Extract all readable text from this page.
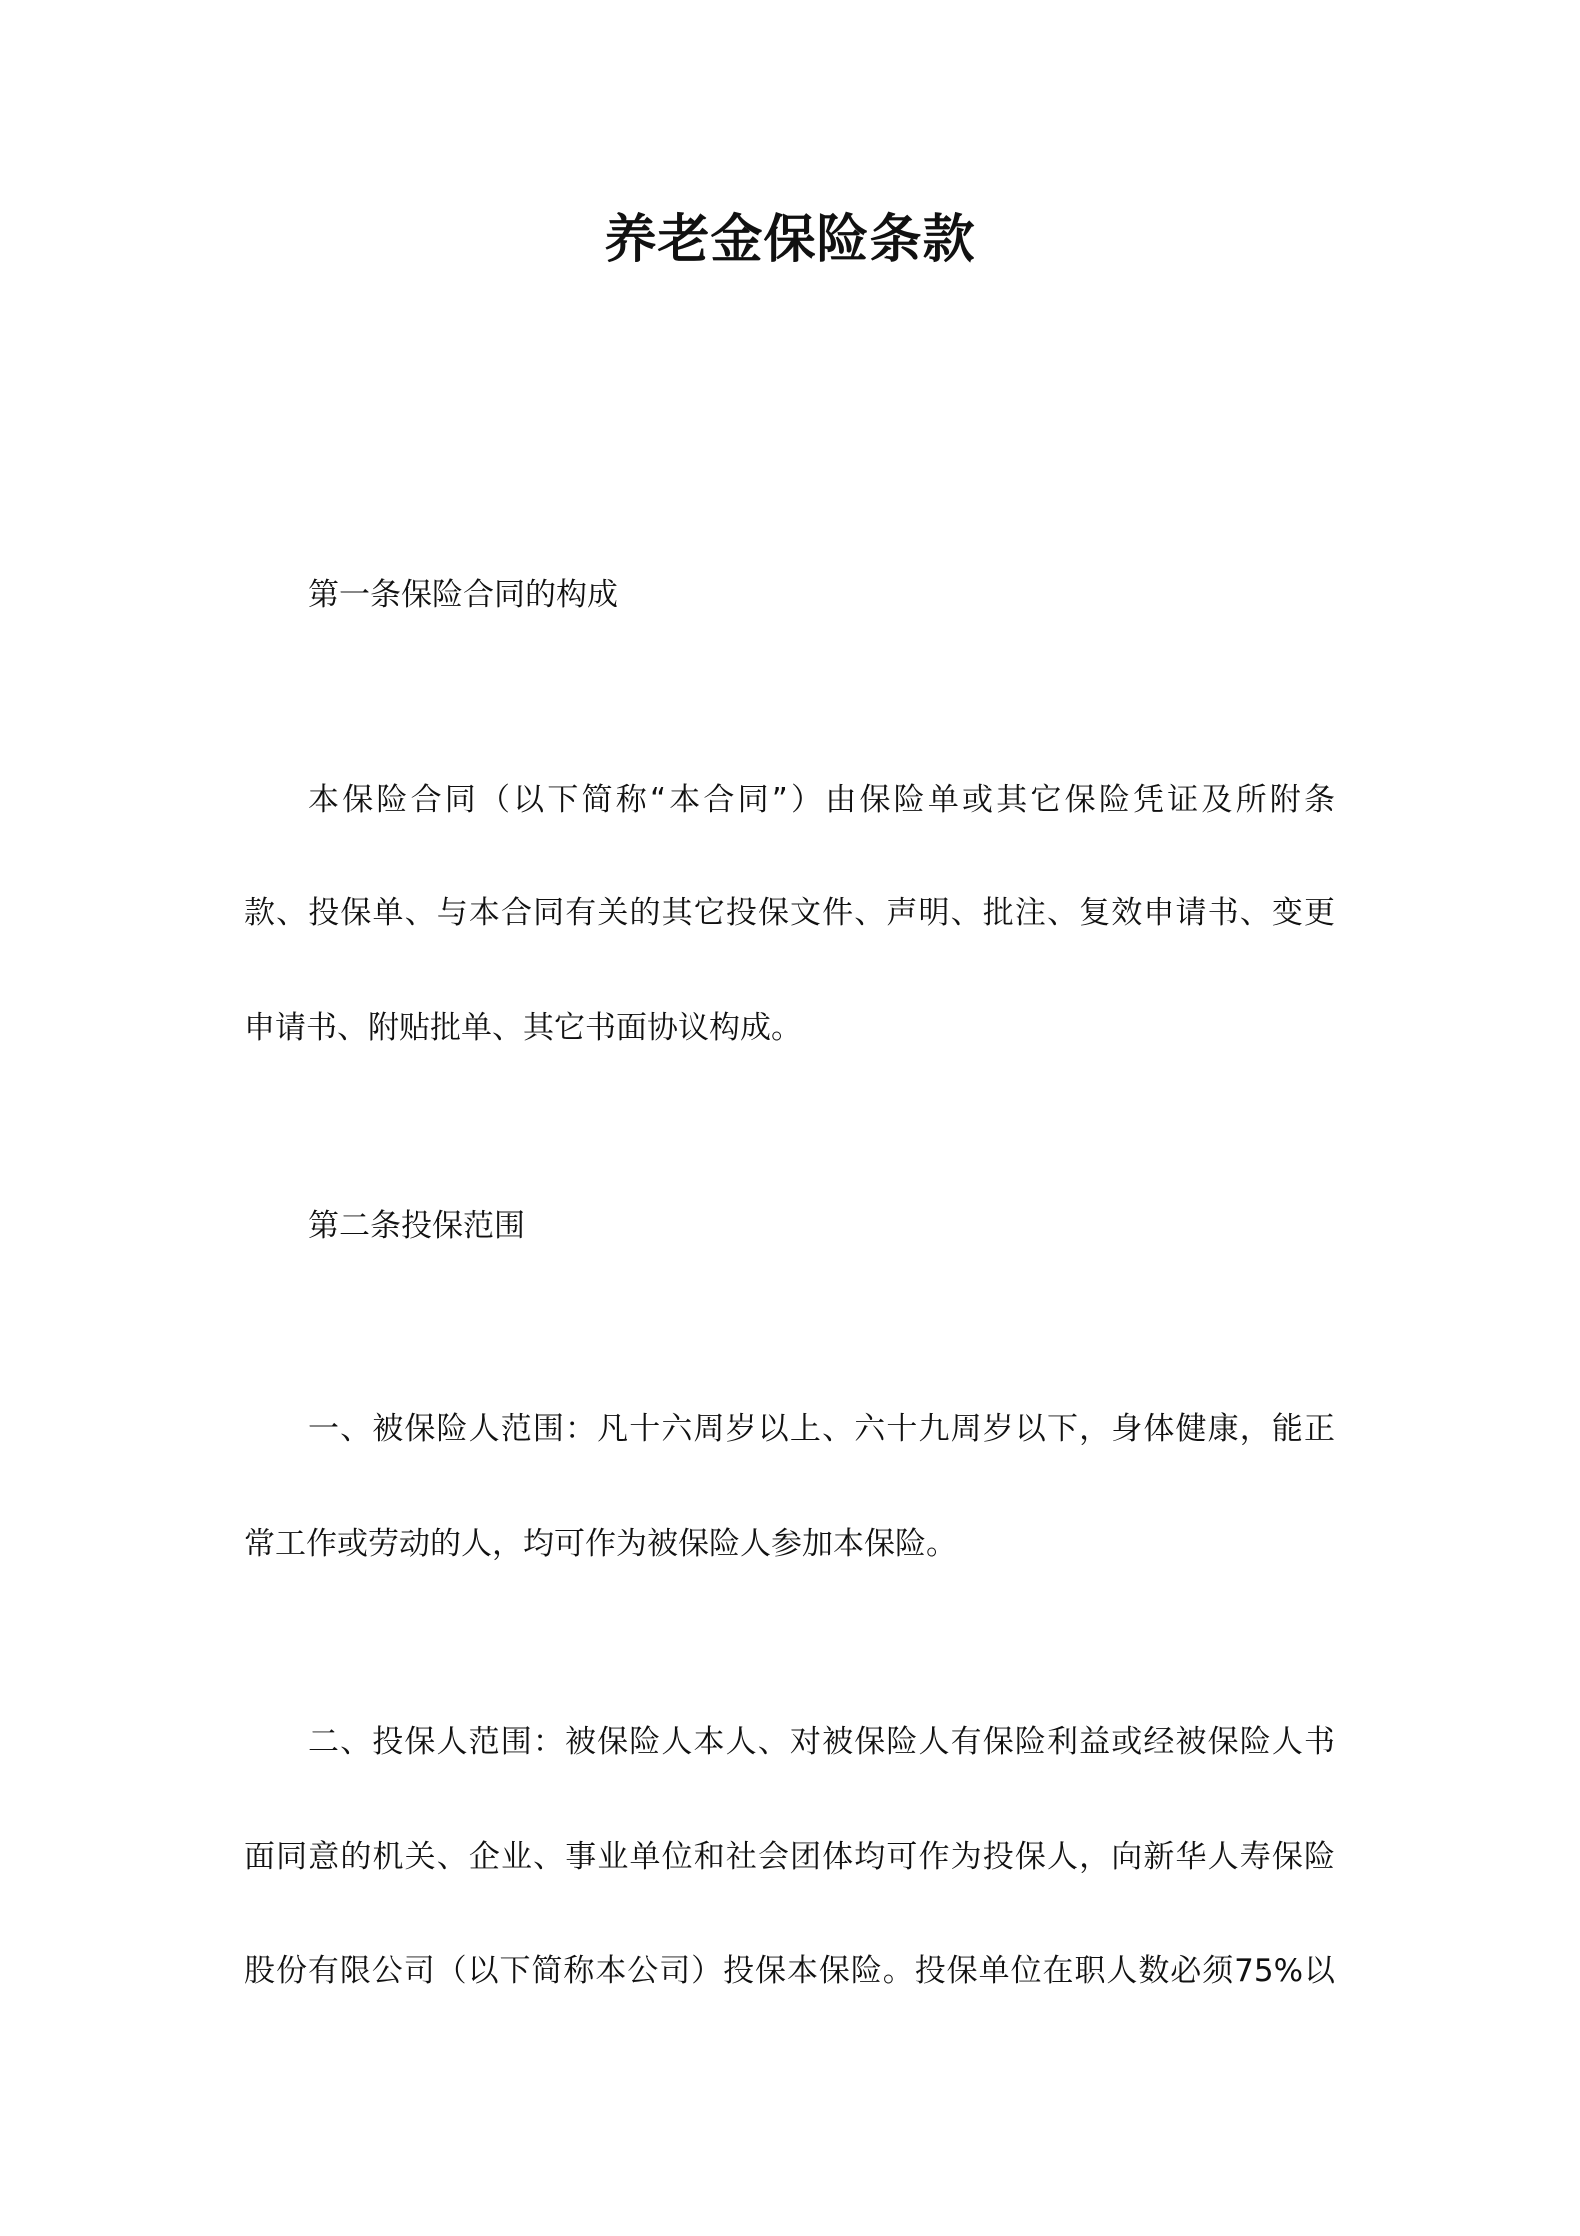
养老金保险条款

第一条保险合同的构成

本保险合同（以下简称“本合同”）由保险单或其它保险凭证及所附条

款、投保单、与本合同有关的其它投保文件、声明、批注、复效申请书、变更

申请书、附贴批单、其它书面协议构成。

第二条投保范围

一、被保险人范围：凡十六周岁以上、六十九周岁以下，身体健康，能正

常工作或劳动的人，均可作为被保险人参加本保险。

二、投保人范围：被保险人本人、对被保险人有保险利益或经被保险人书

面同意的机关、企业、事业单位和社会团体均可作为投保人，向新华人寿保险

股份有限公司（以下简称本公司）投保本保险。投保单位在职人数必须75%以
